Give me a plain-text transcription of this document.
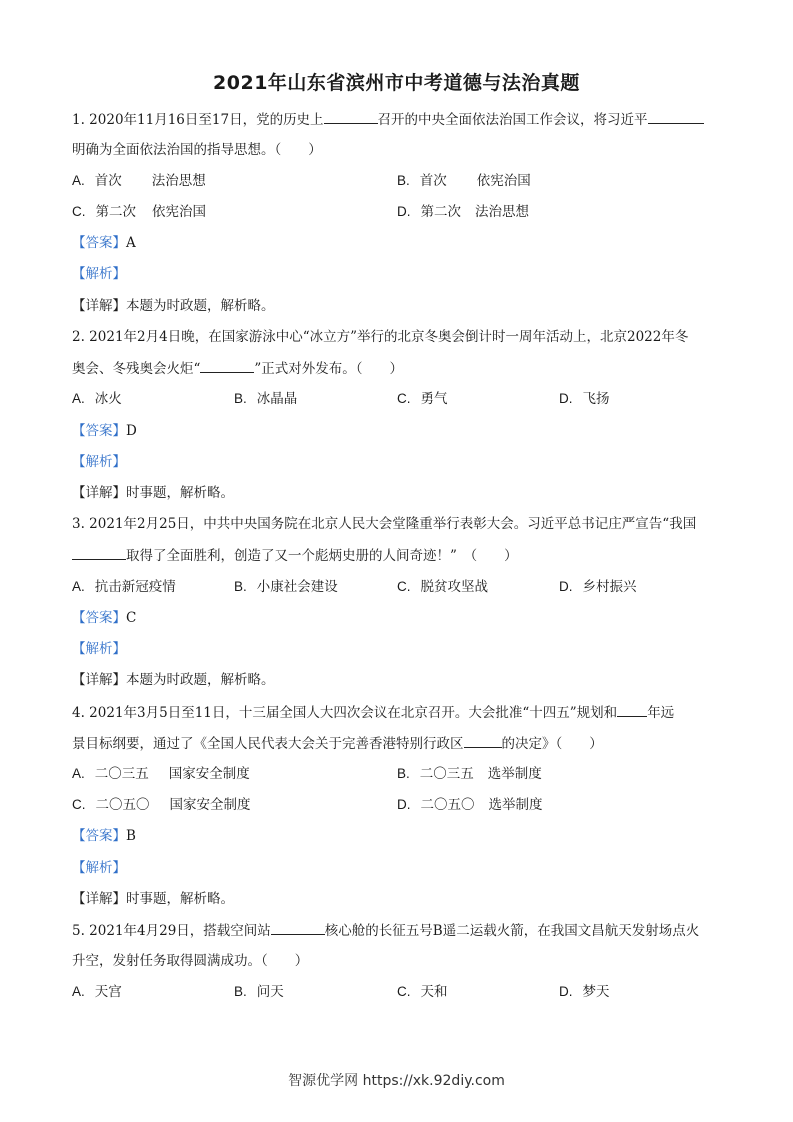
2021年山东省滨州市中考道德与法治真题
1. 2020年11月16日至17日，党的历史上	召开的中央全面依法治国工作会议，将习近平
明确为全面依法治国的指导思想。（　　）
A. 首次 法治思想	B. 首次 依宪治国
C. 第二次 依宪治国	D. 第二次 法治思想
【答案】A
【解析】
【详解】本题为时政题，解析略。
2. 2021年2月4日晚，在国家游泳中心“冰立方”举行的北京冬奥会倒计时一周年活动上，北京2022年冬
奥会、冬残奥会火炬“	”正式对外发布。（　　）
A. 冰火	B. 冰晶晶	C. 勇气	D. 飞扬
【答案】D
【解析】
【详解】时事题，解析略。
3. 2021年2月25日，中共中央国务院在北京人民大会堂隆重举行表彰大会。习近平总书记庄严宣告“我国
取得了全面胜利，创造了又一个彪炳史册的人间奇迹！”　（　　）
A. 抗击新冠疫情	B. 小康社会建设	C. 脱贫攻坚战	D. 乡村振兴
【答案】C
【解析】
【详解】本题为时政题，解析略。
4. 2021年3月5日至11日，十三届全国人大四次会议在北京召开。大会批准“十四五”规划和 年远
景目标纲要，通过了《全国人民代表大会关于完善香港特别行政区	的决定》（　　）
A. 二〇三五 国家安全制度	B. 二〇三五 选举制度
C. 二〇五〇 国家安全制度	D. 二〇五〇 选举制度
【答案】B
【解析】
【详解】时事题，解析略。
5. 2021年4月29日，搭载空间站	核心舱的长征五号B遥二运载火箭，在我国文昌航天发射场点火
升空，发射任务取得圆满成功。（　　）
A. 天宫	B. 问天	C. 天和	D. 梦天
智源优学网 https://xk.92diy.com
